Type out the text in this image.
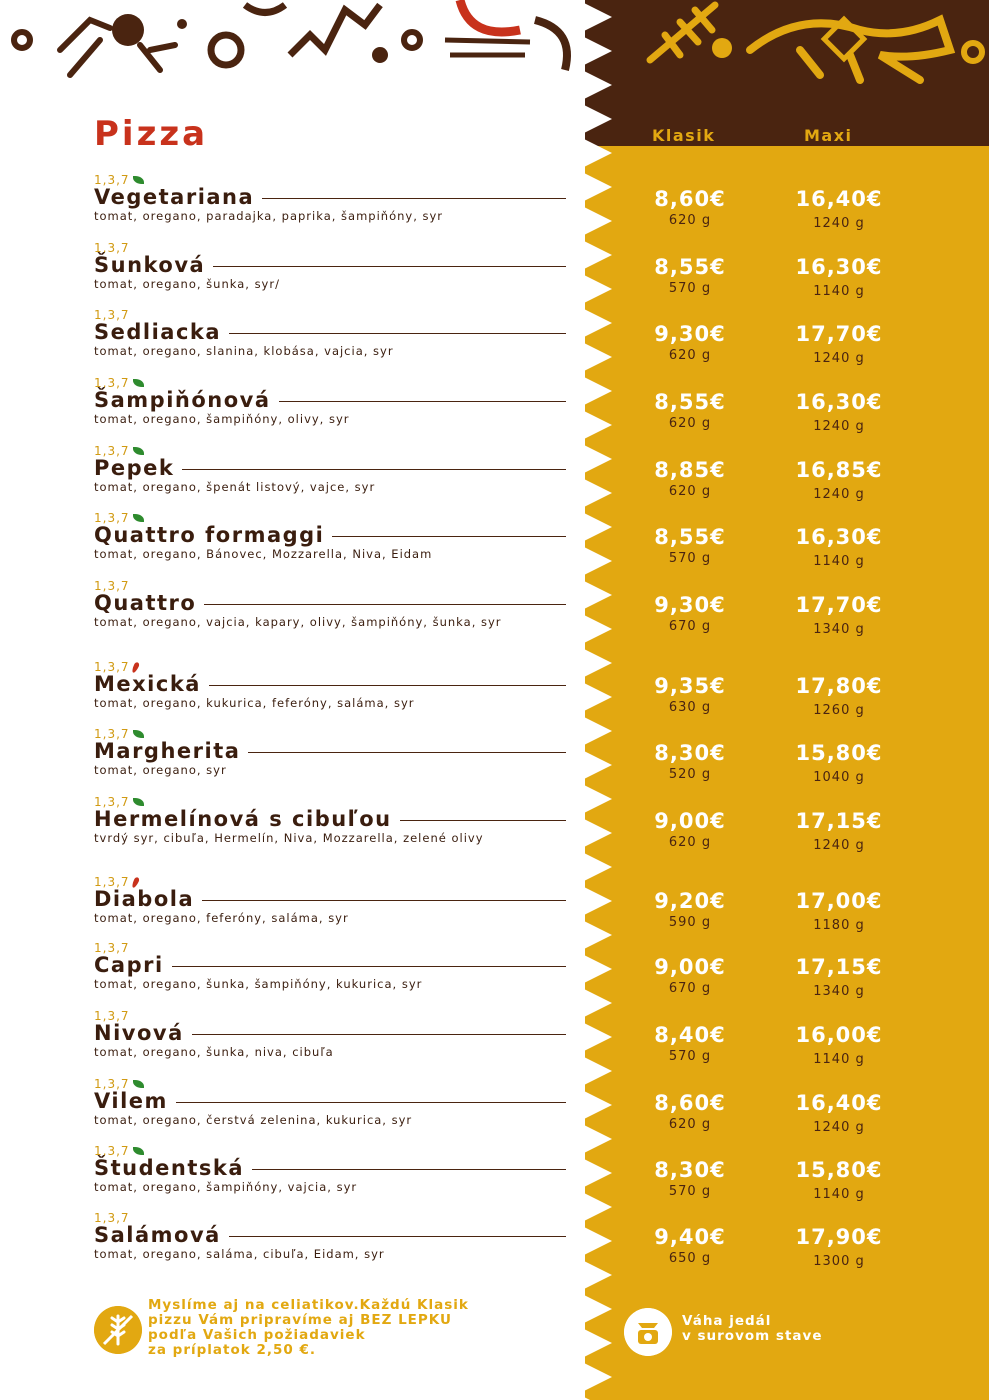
Pizza	Klasik	Maxi
1,3,7
Vegetariana
tomat, oregano, paradajka, paprika, šampiňóny, syr
8,60€
620 g
16,40€
1240 g
1,3,7
Šunková
tomat, oregano, šunka, syr/
8,55€
570 g
16,30€
1140 g
1,3,7
Sedliacka
tomat, oregano, slanina, klobása, vajcia, syr
9,30€
620 g
17,70€
1240 g
1,3,7
Šampiňónová
tomat, oregano, šampiňóny, olivy, syr
8,55€
620 g
16,30€
1240 g
1,3,7
Pepek
tomat, oregano, špenát listový, vajce, syr
8,85€
620 g
16,85€
1240 g
1,3,7
Quattro formaggi
tomat, oregano, Bánovec, Mozzarella, Niva, Eidam
8,55€
570 g
16,30€
1140 g
1,3,7
Quattro
tomat, oregano, vajcia, kapary, olivy, šampiňóny, šunka, syr
9,30€
670 g
17,70€
1340 g
1,3,7
Mexická
tomat, oregano, kukurica, feferóny, saláma, syr
9,35€
630 g
17,80€
1260 g
1,3,7
Margherita
tomat, oregano, syr
8,30€
520 g
15,80€
1040 g
1,3,7
Hermelínová s cibuľou
tvrdý syr, cibuľa, Hermelín, Niva, Mozzarella, zelené olivy
9,00€
620 g
17,15€
1240 g
1,3,7
Diabola
tomat, oregano, feferóny, saláma, syr
9,20€
590 g
17,00€
1180 g
1,3,7
Capri
tomat, oregano, šunka, šampiňóny, kukurica, syr
9,00€
670 g
17,15€
1340 g
1,3,7
Nivová
tomat, oregano, šunka, niva, cibuľa
8,40€
570 g
16,00€
1140 g
1,3,7
Vilem
tomat, oregano, čerstvá zelenina, kukurica, syr
8,60€
620 g
16,40€
1240 g
1,3,7
Študentská
tomat, oregano, šampiňóny, vajcia, syr
8,30€
570 g
15,80€
1140 g
1,3,7
Salámová
tomat, oregano, saláma, cibuľa, Eidam, syr
9,40€
650 g
17,90€
1300 g
Myslíme aj na celiatikov.Každú Klasik
pizzu Vám pripravíme aj BEZ LEPKU
podľa Vašich požiadaviek
za príplatok 2,50 €.
Váha jedál
v surovom stave
